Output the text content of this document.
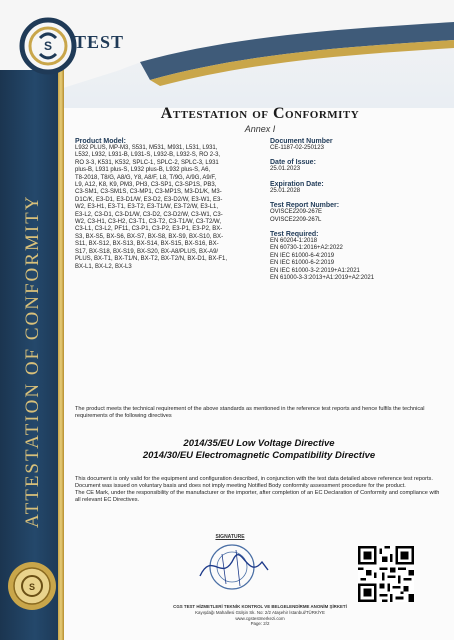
ATTESTATION OF CONFORMITY
S TEST
S
Attestation of Conformity
Annex I
Product Model:
L932 PLUS, MP-M3, S531, M531, M931, L531, L931,
L532, L932, L931-B, L931-S, L932-B, L932-S, RO 2-3,
RO 3-3, K531, K532, SPLC-1, SPLC-2, SPLC-3, L931
plus-B, L931 plus-S, L932 plus-B, L932 plus-S, A6,
T8-2018, T8/G, A8/G, Y8, A8/F, L8, T/9G, A/9G, A9/F,
L9, A12, K8, K9, PM3, PH3, C3-SP1, C3-SP1S, PB3,
C3-SM1, C3-SM1S, C3-MP1, C3-MP1S, M3-D1/K, M3-
D1C/K, E3-D1, E3-D1/W, E3-D2, E3-D2/W, E3-W1, E3-
W2, E3-H1, E3-T1, E3-T2, E3-T1/W, E3-T2/W, E3-L1,
E3-L2, C3-D1, C3-D1/W, C3-D2, C3-D2/W, C3-W1, C3-
W2, C3-H1, C3-H2, C3-T1, C3-T2, C3-T1/W, C3-T2/W,
C3-L1, C3-L2, PF11, C3-P1, C3-P2, E3-P1, E3-P2, BX-
S3, BX-S5, BX-S6, BX-S7, BX-S8, BX-S9, BX-S10, BX-
S11, BX-S12, BX-S13, BX-S14, BX-S15, BX-S16, BX-
S17, BX-S18, BX-S19, BX-S20, BX-A8/PLUS, BX-A9/
PLUS, BX-T1, BX-T1/N, BX-T2, BX-T2/N, BX-D1, BX-F1,
BX-L1, BX-L2, BX-L3
Document Number
CE-1187-02-250123
Date of Issue:
25.01.2023
Expiration Date:
25.01.2028
Test Report Number:
OVISCE2209-267E
OVISCE2209-267L
Test Required:
EN 60204-1:2018
EN 60730-1:2016+A2:2022
EN IEC 61000-6-4:2019
EN IEC 61000-6-2:2019
EN IEC 61000-3-2:2019+A1:2021
EN 61000-3-3:2013+A1:2019+A2:2021
The product meets the technical requirement of the above standards as mentioned in the reference test reports and hence fulfils the technical requirements of the following directives
2014/35/EU Low Voltage Directive
2014/30/EU Electromagnetic Compatibility Directive
This document is only valid for the equipment and configuration described, in conjunction with the test data detailed above reference test reports. Document was issued on voluntary basis and does not imply meeting Notified Body conformity assessment procedure for the product.
The CE Mark, under the responsibility of the manufacturer or the importer, after completion of an EC Declaration of Conformity and compliance with all relevant EC Directives.
SIGNATURE
CGS TEST HİZMETLERİ TEKNİK KONTROL VE BELGELENDİRME ANONİM ŞİRKETİ
Kayışdağı Mahallesi Gülşin Sk. No: 2/2 Ataşehir İstanbul/TÜRKİYE
www.cgstestmerkezi.com
Page: 2/2
